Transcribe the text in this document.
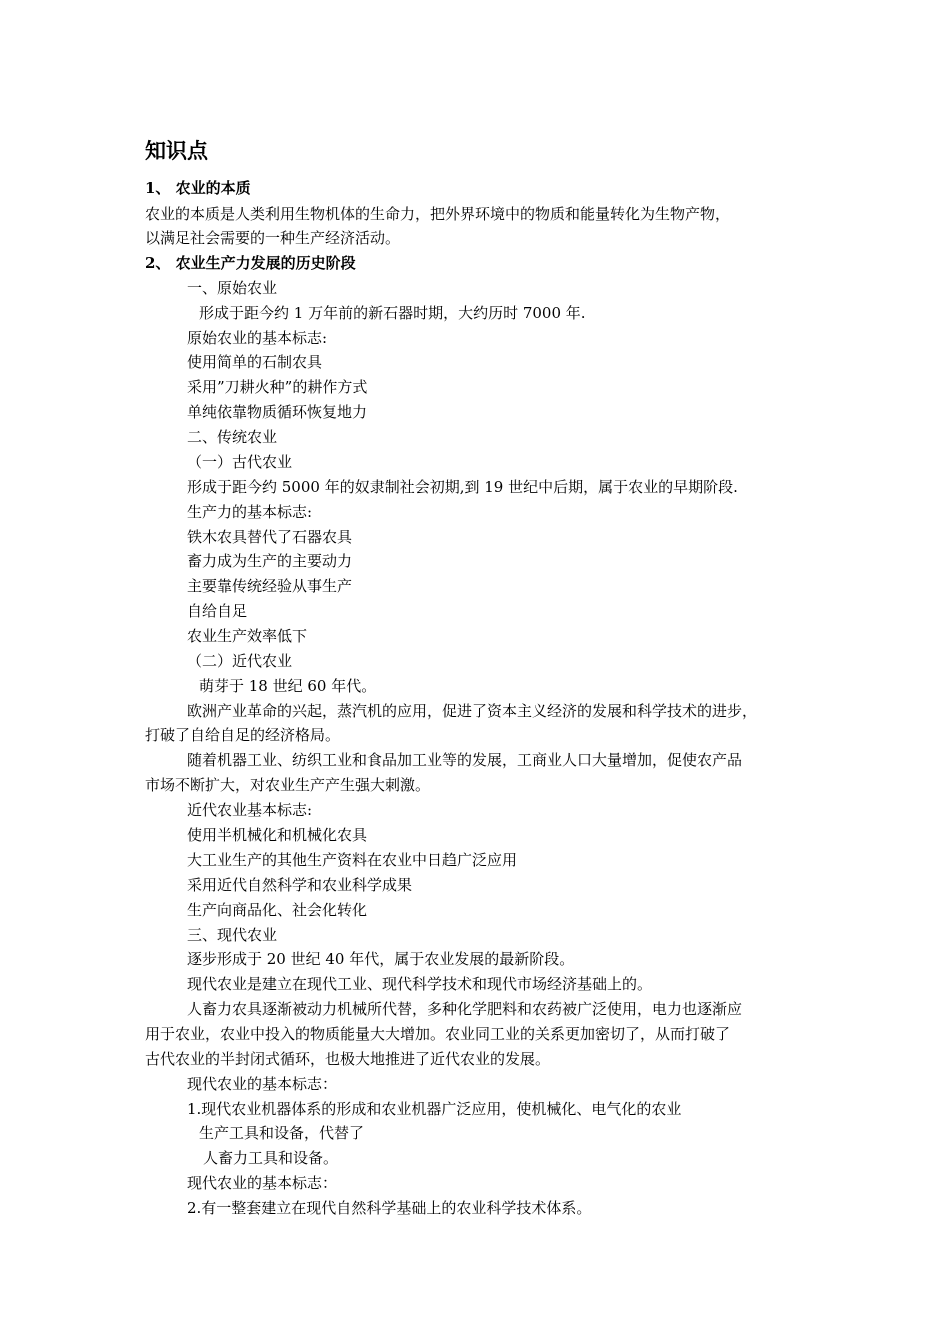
知识点
1、 农业的本质
农业的本质是人类利用生物机体的生命力，把外界环境中的物质和能量转化为生物产物，
以满足社会需要的一种生产经济活动。
2、 农业生产力发展的历史阶段
一、原始农业
形成于距今约 1 万年前的新石器时期，大约历时 7000 年.
原始农业的基本标志:
使用简单的石制农具
采用”刀耕火种”的耕作方式
单纯依靠物质循环恢复地力
二、传统农业
（一）古代农业
形成于距今约 5000 年的奴隶制社会初期,到 19 世纪中后期，属于农业的早期阶段.
生产力的基本标志:
铁木农具替代了石器农具
畜力成为生产的主要动力
主要靠传统经验从事生产
自给自足
农业生产效率低下
（二）近代农业
萌芽于 18 世纪 60 年代。
欧洲产业革命的兴起，蒸汽机的应用，促进了资本主义经济的发展和科学技术的进步，
打破了自给自足的经济格局。
随着机器工业、纺织工业和食品加工业等的发展，工商业人口大量增加，促使农产品
市场不断扩大，对农业生产产生强大刺激。
近代农业基本标志:
使用半机械化和机械化农具
大工业生产的其他生产资料在农业中日趋广泛应用
采用近代自然科学和农业科学成果
生产向商品化、社会化转化
三、现代农业
逐步形成于 20 世纪 40 年代，属于农业发展的最新阶段。
现代农业是建立在现代工业、现代科学技术和现代市场经济基础上的。
人畜力农具逐渐被动力机械所代替，多种化学肥料和农药被广泛使用，电力也逐渐应
用于农业，农业中投入的物质能量大大增加。农业同工业的关系更加密切了，从而打破了
古代农业的半封闭式循环，也极大地推进了近代农业的发展。
现代农业的基本标志：
1.现代农业机器体系的形成和农业机器广泛应用，使机械化、电气化的农业
生产工具和设备，代替了
人畜力工具和设备。
现代农业的基本标志：
2.有一整套建立在现代自然科学基础上的农业科学技术体系。
